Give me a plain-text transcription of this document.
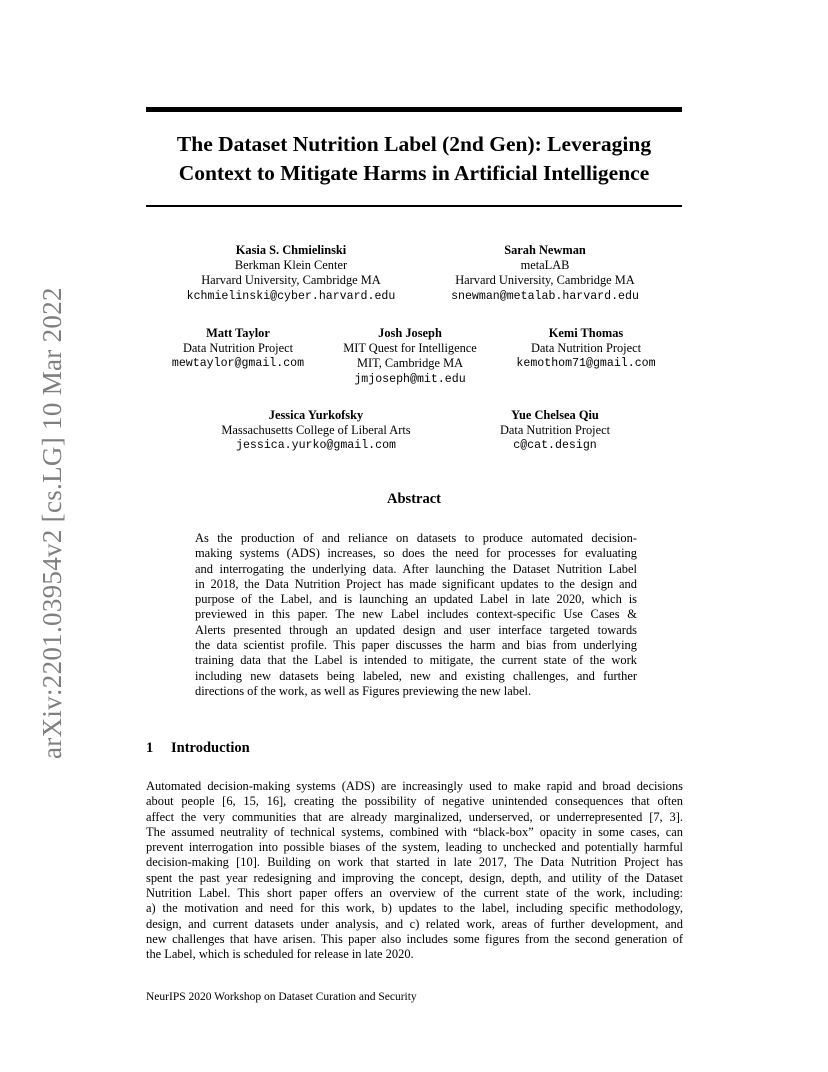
arXiv:2201.03954v2 [cs.LG] 10 Mar 2022
The Dataset Nutrition Label (2nd Gen): Leveraging
Context to Mitigate Harms in Artificial Intelligence
Kasia S. Chmielinski
Berkman Klein Center
Harvard University, Cambridge MA
kchmielinski@cyber.harvard.edu
Sarah Newman
metaLAB
Harvard University, Cambridge MA
snewman@metalab.harvard.edu
Matt Taylor
Data Nutrition Project
mewtaylor@gmail.com
Josh Joseph
MIT Quest for Intelligence
MIT, Cambridge MA
jmjoseph@mit.edu
Kemi Thomas
Data Nutrition Project
kemothom71@gmail.com
Jessica Yurkofsky
Massachusetts College of Liberal Arts
jessica.yurko@gmail.com
Yue Chelsea Qiu
Data Nutrition Project
c@cat.design
Abstract
As the production of and reliance on datasets to produce automated decision-
making systems (ADS) increases, so does the need for processes for evaluating
and interrogating the underlying data. After launching the Dataset Nutrition Label
in 2018, the Data Nutrition Project has made significant updates to the design and
purpose of the Label, and is launching an updated Label in late 2020, which is
previewed in this paper. The new Label includes context-specific Use Cases &
Alerts presented through an updated design and user interface targeted towards
the data scientist profile. This paper discusses the harm and bias from underlying
training data that the Label is intended to mitigate, the current state of the work
including new datasets being labeled, new and existing challenges, and further
directions of the work, as well as Figures previewing the new label.
1 Introduction
Automated decision-making systems (ADS) are increasingly used to make rapid and broad decisions
about people [6, 15, 16], creating the possibility of negative unintended consequences that often
affect the very communities that are already marginalized, underserved, or underrepresented [7, 3].
The assumed neutrality of technical systems, combined with “black-box” opacity in some cases, can
prevent interrogation into possible biases of the system, leading to unchecked and potentially harmful
decision-making [10]. Building on work that started in late 2017, The Data Nutrition Project has
spent the past year redesigning and improving the concept, design, depth, and utility of the Dataset
Nutrition Label. This short paper offers an overview of the current state of the work, including:
a) the motivation and need for this work, b) updates to the label, including specific methodology,
design, and current datasets under analysis, and c) related work, areas of further development, and
new challenges that have arisen. This paper also includes some figures from the second generation of
the Label, which is scheduled for release in late 2020.
NeurIPS 2020 Workshop on Dataset Curation and Security
